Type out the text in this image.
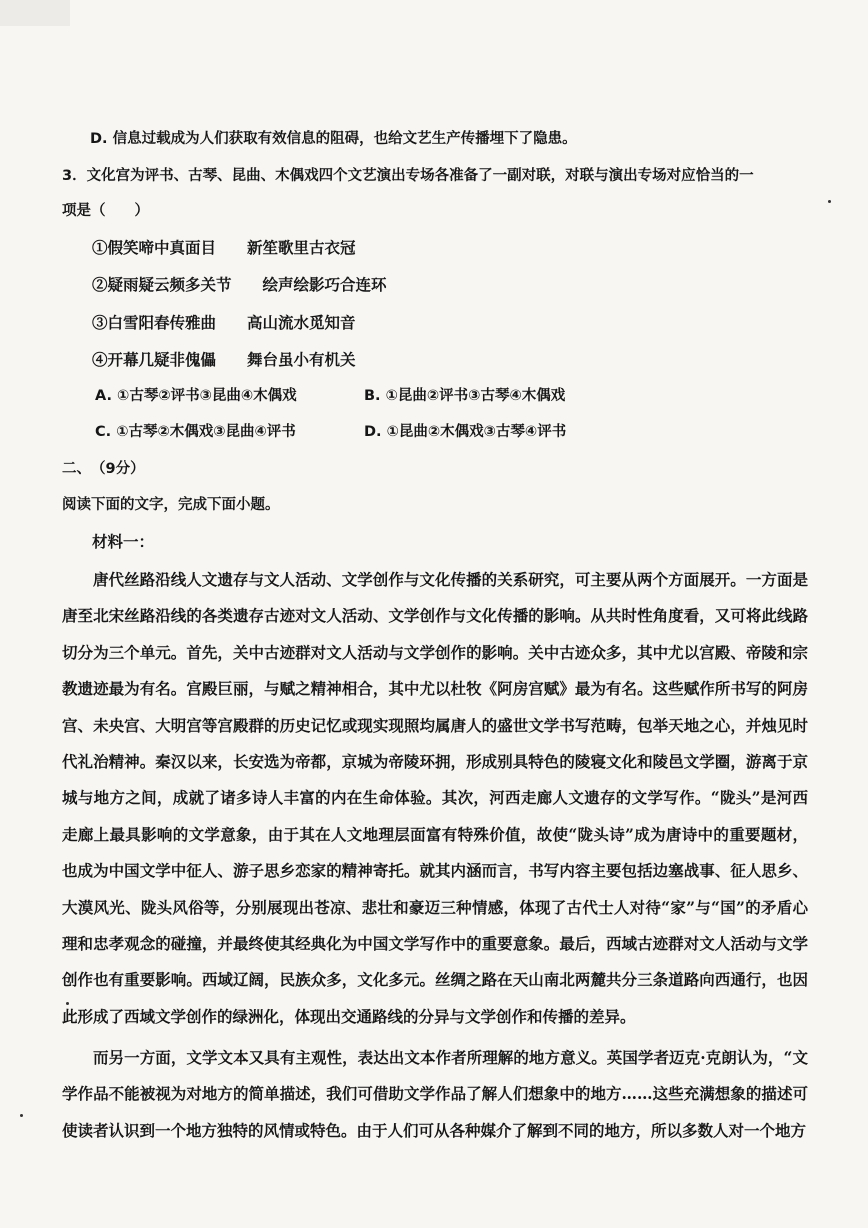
D. 信息过载成为人们获取有效信息的阻碍，也给文艺生产传播埋下了隐患。
3．文化宫为评书、古琴、昆曲、木偶戏四个文艺演出专场各准备了一副对联，对联与演出专场对应恰当的一
项是（　　）
①假笑啼中真面目　　新笙歌里古衣冠
②疑雨疑云频多关节　　绘声绘影巧合连环
③白雪阳春传雅曲　　高山流水觅知音
④开幕几疑非傀儡　　舞台虽小有机关
A. ①古琴②评书③昆曲④木偶戏	B. ①昆曲②评书③古琴④木偶戏
C. ①古琴②木偶戏③昆曲④评书	D. ①昆曲②木偶戏③古琴④评书
二、　（9分）
阅读下面的文字，完成下面小题。
材料一：
唐代丝路沿线人文遗存与文人活动、文学创作与文化传播的关系研究，可主要从两个方面展开。一方面是唐至北宋丝路沿线的各类遗存古迹对文人活动、文学创作与文化传播的影响。从共时性角度看，又可将此线路切分为三个单元。首先，关中古迹群对文人活动与文学创作的影响。关中古迹众多，其中尤以宫殿、帝陵和宗教遗迹最为有名。宫殿巨丽，与赋之精神相合，其中尤以杜牧《阿房宫赋》最为有名。这些赋作所书写的阿房宫、未央宫、大明宫等宫殿群的历史记忆或现实现照均属唐人的盛世文学书写范畴，包举天地之心，并烛见时代礼治精神。秦汉以来，长安选为帝都，京城为帝陵环拥，形成别具特色的陵寝文化和陵邑文学圈，游离于京城与地方之间，成就了诸多诗人丰富的内在生命体验。其次，河西走廊人文遗存的文学写作。“陇头”是河西走廊上最具影响的文学意象，由于其在人文地理层面富有特殊价值，故使“陇头诗”成为唐诗中的重要题材，也成为中国文学中征人、游子思乡恋家的精神寄托。就其内涵而言，书写内容主要包括边塞战事、征人思乡、大漠风光、陇头风俗等，分别展现出苍凉、悲壮和豪迈三种情感，体现了古代士人对待“家”与“国”的矛盾心理和忠孝观念的碰撞，并最终使其经典化为中国文学写作中的重要意象。最后，西域古迹群对文人活动与文学创作也有重要影响。西域辽阔，民族众多，文化多元。丝绸之路在天山南北两麓共分三条道路向西通行，也因此形成了西域文学创作的绿洲化，体现出交通路线的分异与文学创作和传播的差异。
而另一方面，文学文本又具有主观性，表达出文本作者所理解的地方意义。英国学者迈克·克朗认为，“文学作品不能被视为对地方的简单描述，我们可借助文学作品了解人们想象中的地方……这些充满想象的描述可使读者认识到一个地方独特的风情或特色。由于人们可从各种媒介了解到不同的地方，所以多数人对一个地方
